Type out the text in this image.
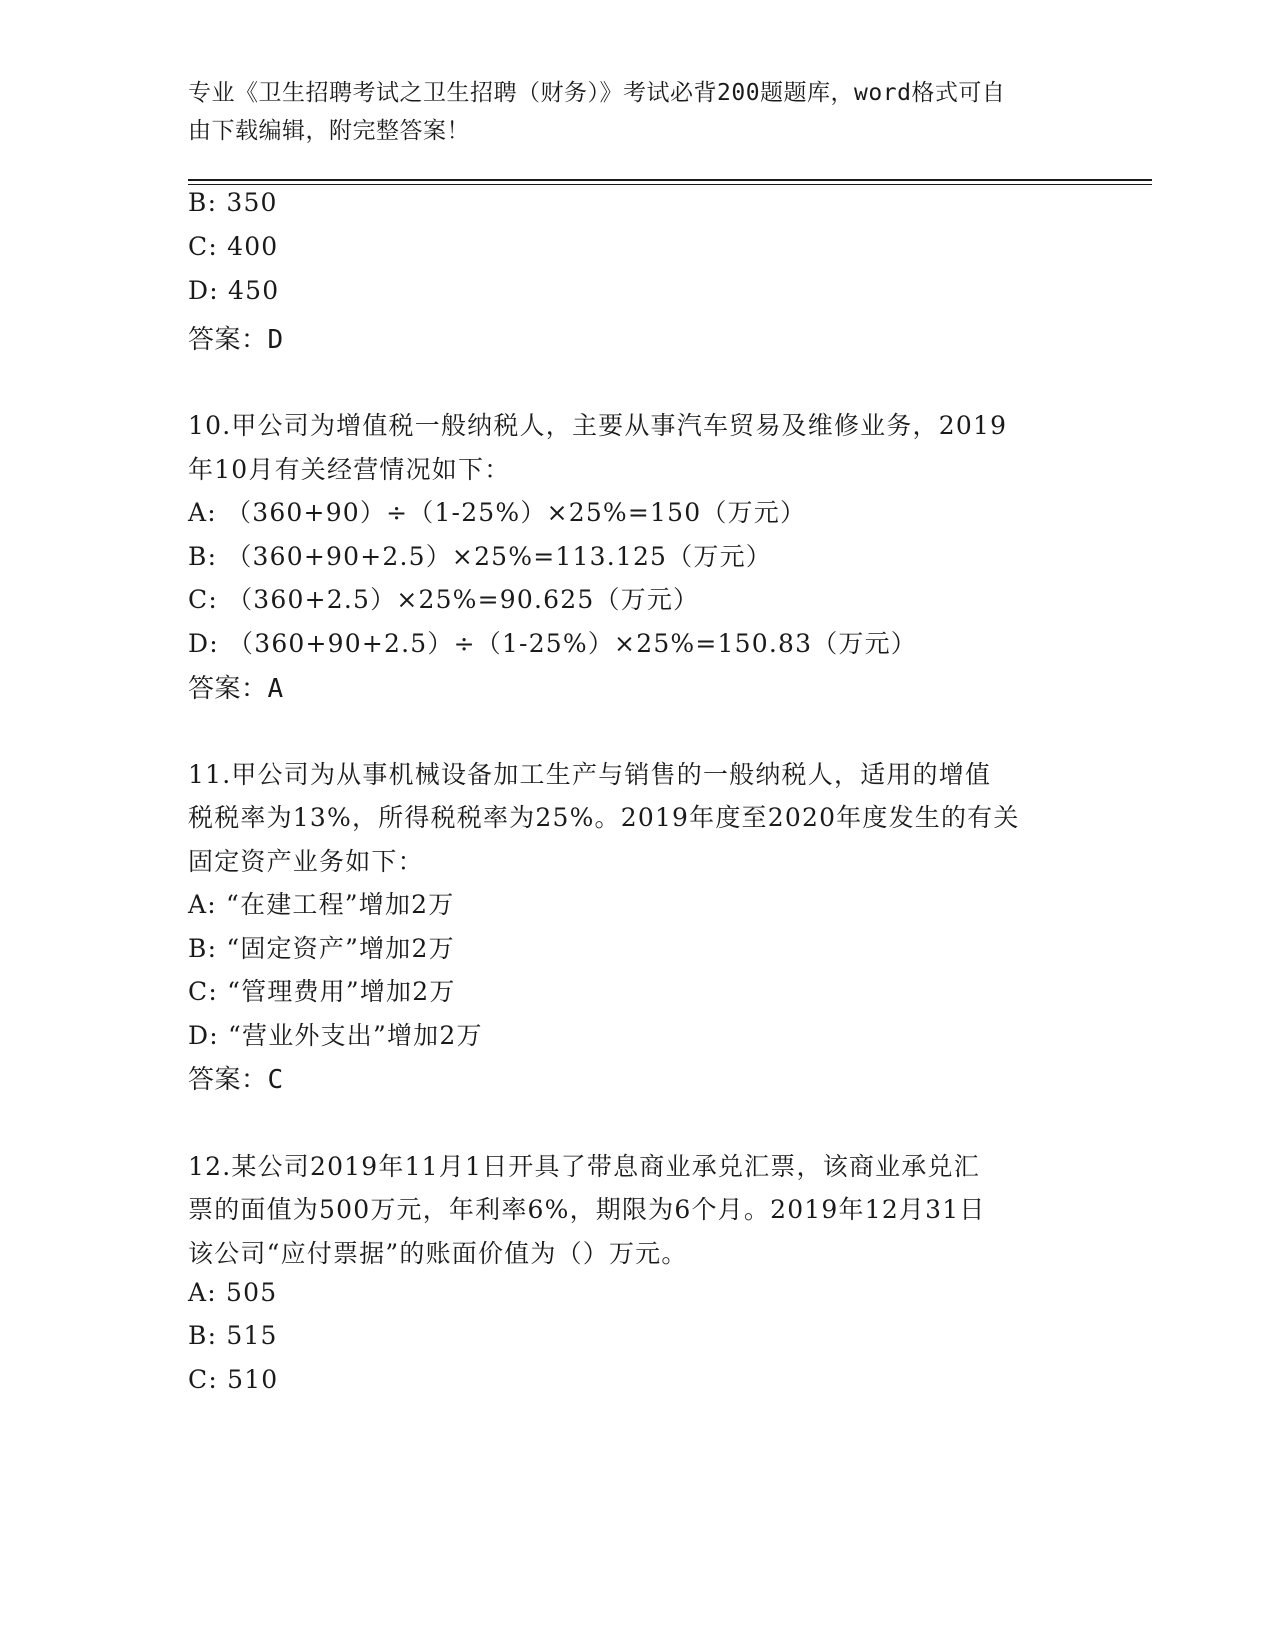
专业《卫生招聘考试之卫生招聘（财务）》考试必背200题题库，word格式可自
由下载编辑，附完整答案！
B: 350
C: 400
D: 450
答案：D
10.甲公司为增值税一般纳税人，主要从事汽车贸易及维修业务，2019
年10月有关经营情况如下：
A: （360+90）÷（1-25%）×25%=150（万元）
B: （360+90+2.5）×25%=113.125（万元）
C: （360+2.5）×25%=90.625（万元）
D: （360+90+2.5）÷（1-25%）×25%=150.83（万元）
答案：A
11.甲公司为从事机械设备加工生产与销售的一般纳税人，适用的增值
税税率为13%，所得税税率为25%。2019年度至2020年度发生的有关
固定资产业务如下：
A: “在建工程”增加2万
B: “固定资产”增加2万
C: “管理费用”增加2万
D: “营业外支出”增加2万
答案：C
12.某公司2019年11月1日开具了带息商业承兑汇票，该商业承兑汇
票的面值为500万元，年利率6%，期限为6个月。2019年12月31日
该公司“应付票据”的账面价值为（）万元。
A: 505
B: 515
C: 510
